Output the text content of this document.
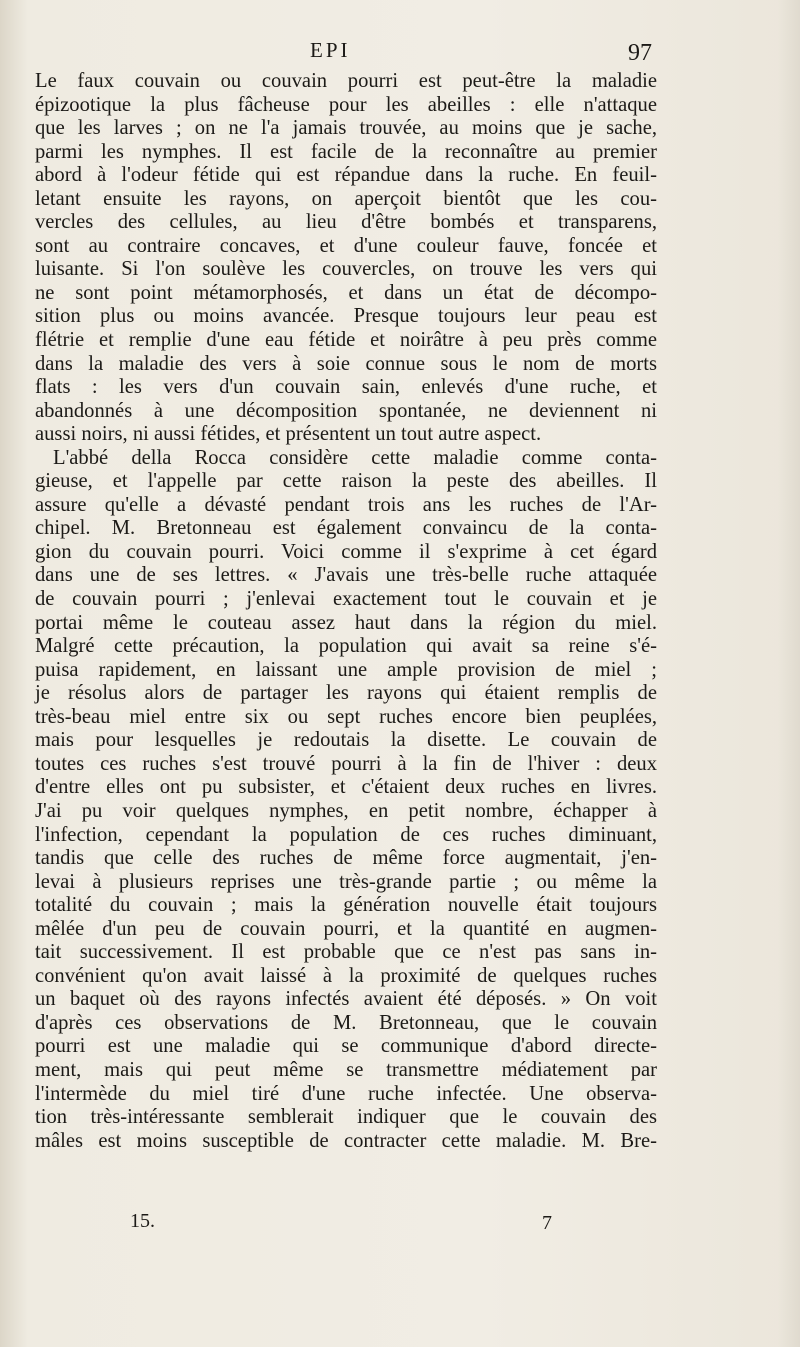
EPI	97
Le faux couvain ou couvain pourri est peut-être la maladie
épizootique la plus fâcheuse pour les abeilles : elle n'attaque
que les larves ; on ne l'a jamais trouvée, au moins que je sache,
parmi les nymphes. Il est facile de la reconnaître au premier
abord à l'odeur fétide qui est répandue dans la ruche. En feuil-
letant ensuite les rayons, on aperçoit bientôt que les cou-
vercles des cellules, au lieu d'être bombés et transparens,
sont au contraire concaves, et d'une couleur fauve, foncée et
luisante. Si l'on soulève les couvercles, on trouve les vers qui
ne sont point métamorphosés, et dans un état de décompo-
sition plus ou moins avancée. Presque toujours leur peau est
flétrie et remplie d'une eau fétide et noirâtre à peu près comme
dans la maladie des vers à soie connue sous le nom de morts
flats : les vers d'un couvain sain, enlevés d'une ruche, et
abandonnés à une décomposition spontanée, ne deviennent ni
aussi noirs, ni aussi fétides, et présentent un tout autre aspect.
L'abbé della Rocca considère cette maladie comme conta-
gieuse, et l'appelle par cette raison la peste des abeilles. Il
assure qu'elle a dévasté pendant trois ans les ruches de l'Ar-
chipel. M. Bretonneau est également convaincu de la conta-
gion du couvain pourri. Voici comme il s'exprime à cet égard
dans une de ses lettres. « J'avais une très-belle ruche attaquée
de couvain pourri ; j'enlevai exactement tout le couvain et je
portai même le couteau assez haut dans la région du miel.
Malgré cette précaution, la population qui avait sa reine s'é-
puisa rapidement, en laissant une ample provision de miel ;
je résolus alors de partager les rayons qui étaient remplis de
très-beau miel entre six ou sept ruches encore bien peuplées,
mais pour lesquelles je redoutais la disette. Le couvain de
toutes ces ruches s'est trouvé pourri à la fin de l'hiver : deux
d'entre elles ont pu subsister, et c'étaient deux ruches en livres.
J'ai pu voir quelques nymphes, en petit nombre, échapper à
l'infection, cependant la population de ces ruches diminuant,
tandis que celle des ruches de même force augmentait, j'en-
levai à plusieurs reprises une très-grande partie ; ou même la
totalité du couvain ; mais la génération nouvelle était toujours
mêlée d'un peu de couvain pourri, et la quantité en augmen-
tait successivement. Il est probable que ce n'est pas sans in-
convénient qu'on avait laissé à la proximité de quelques ruches
un baquet où des rayons infectés avaient été déposés. » On voit
d'après ces observations de M. Bretonneau, que le couvain
pourri est une maladie qui se communique d'abord directe-
ment, mais qui peut même se transmettre médiatement par
l'intermède du miel tiré d'une ruche infectée. Une observa-
tion très-intéressante semblerait indiquer que le couvain des
mâles est moins susceptible de contracter cette maladie. M. Bre-
15.	7
